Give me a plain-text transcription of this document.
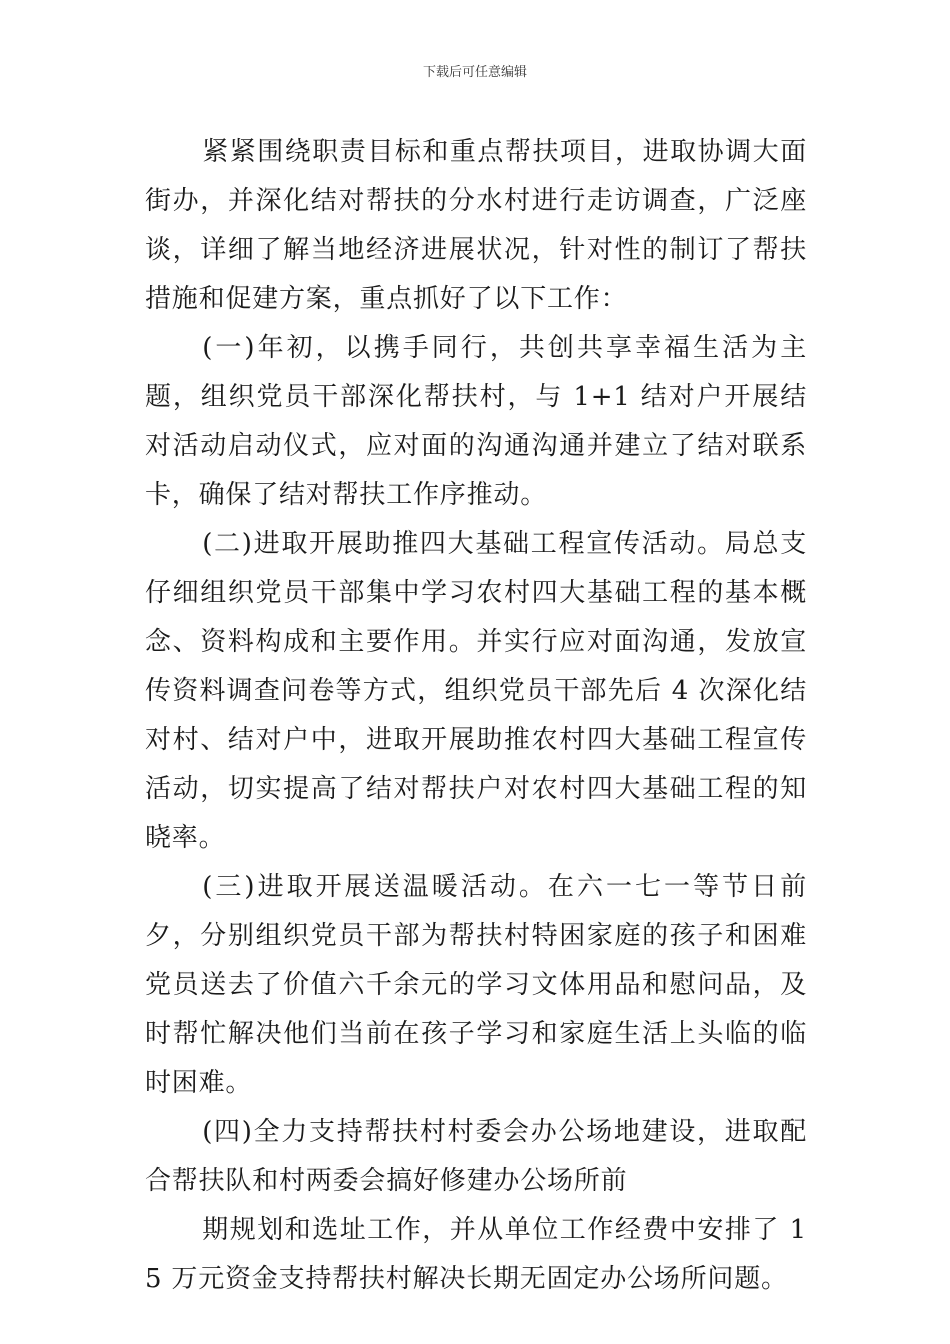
下载后可任意编辑

紧紧围绕职责目标和重点帮扶项目，进取协调大面街办，并深化结对帮扶的分水村进行走访调查，广泛座谈，详细了解当地经济进展状况，针对性的制订了帮扶措施和促建方案，重点抓好了以下工作：

(一)年初，以携手同行，共创共享幸福生活为主题，组织党员干部深化帮扶村，与 1+1 结对户开展结对活动启动仪式，应对面的沟通沟通并建立了结对联系卡，确保了结对帮扶工作序推动。

(二)进取开展助推四大基础工程宣传活动。局总支仔细组织党员干部集中学习农村四大基础工程的基本概念、资料构成和主要作用。并实行应对面沟通，发放宣传资料调查问卷等方式，组织党员干部先后 4 次深化结对村、结对户中，进取开展助推农村四大基础工程宣传活动，切实提高了结对帮扶户对农村四大基础工程的知晓率。

(三)进取开展送温暖活动。在六一七一等节日前夕，分别组织党员干部为帮扶村特困家庭的孩子和困难党员送去了价值六千余元的学习文体用品和慰问品，及时帮忙解决他们当前在孩子学习和家庭生活上头临的临时困难。

(四)全力支持帮扶村村委会办公场地建设，进取配合帮扶队和村两委会搞好修建办公场所前

期规划和选址工作，并从单位工作经费中安排了 15 万元资金支持帮扶村解决长期无固定办公场所问题。
